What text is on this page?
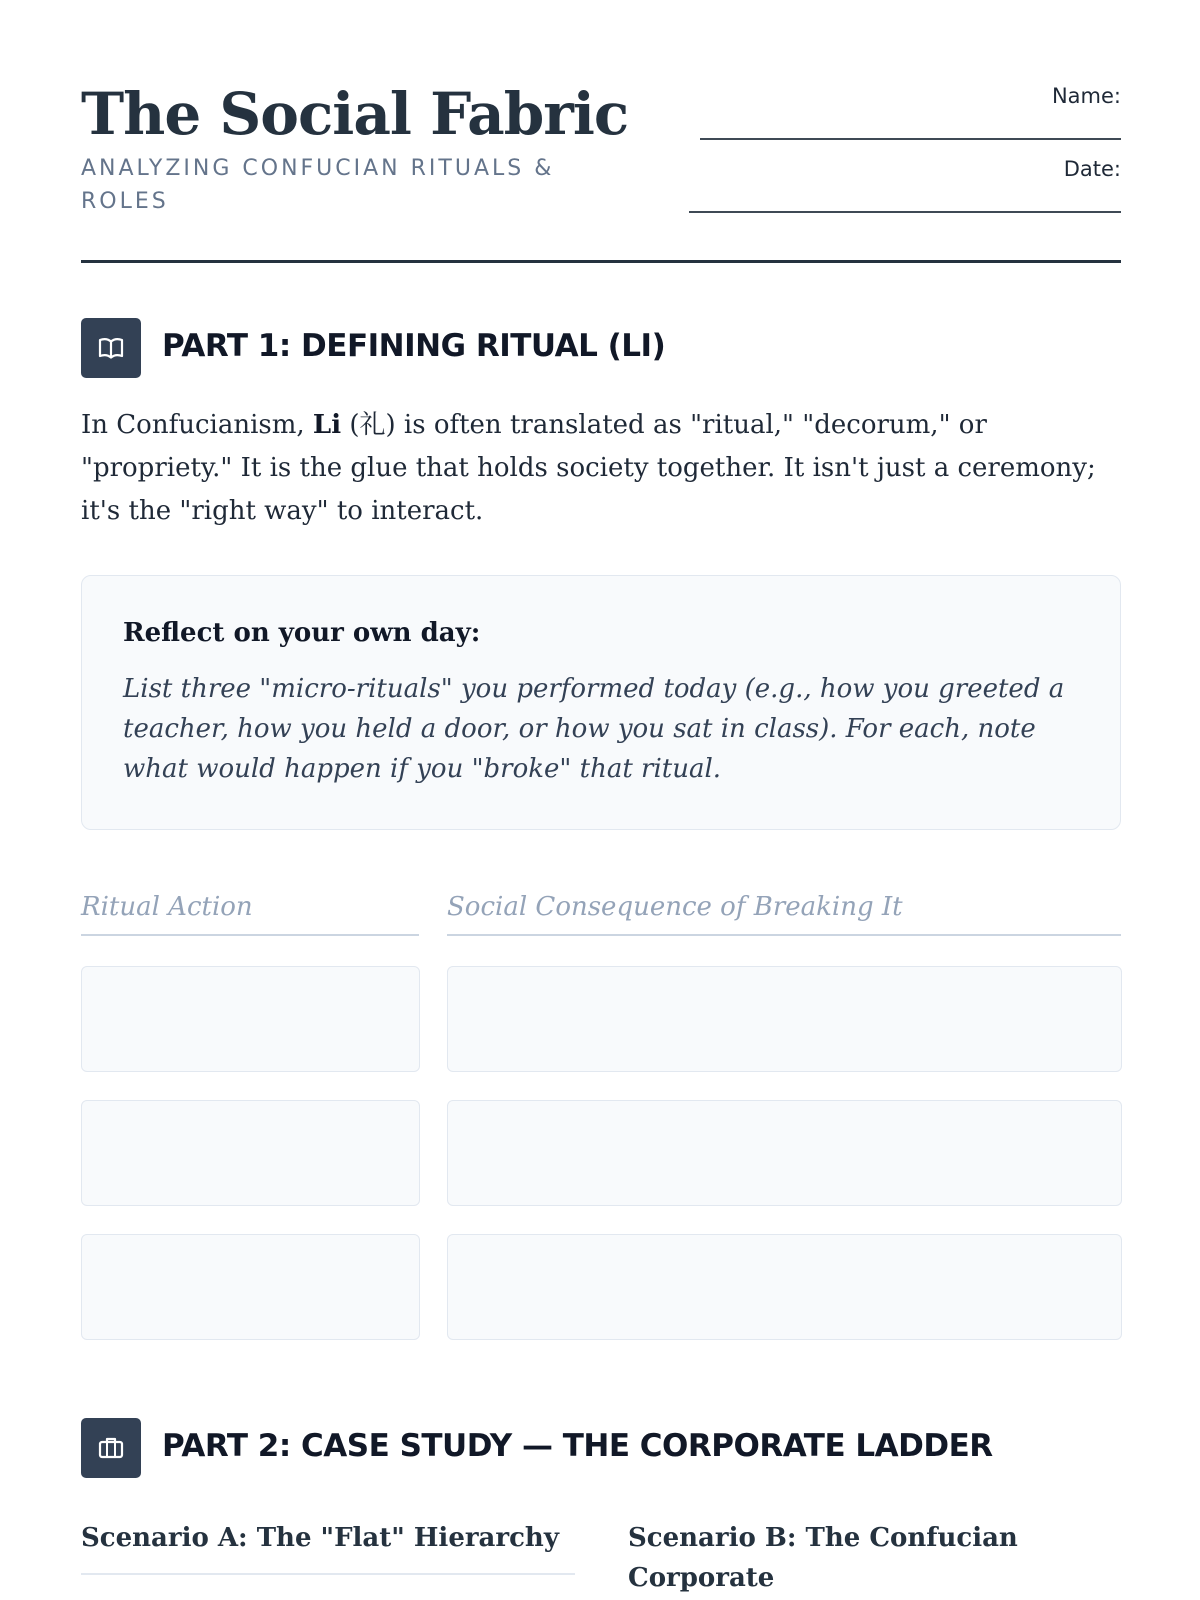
The Social Fabric
ANALYZING CONFUCIAN RITUALS & ROLES
Name:
Date:
PART 1: DEFINING RITUAL (LI)
In Confucianism, Li (礼) is often translated as "ritual," "decorum," or "propriety." It is the glue that holds society together. It isn't just a ceremony; it's the "right way" to interact.
Reflect on your own day:
List three "micro-rituals" you performed today (e.g., how you greeted a teacher, how you held a door, or how you sat in class). For each, note what would happen if you "broke" that ritual.
Ritual Action	Social Consequence of Breaking It
PART 2: CASE STUDY — THE CORPORATE LADDER
Scenario A: The "Flat" Hierarchy	Scenario B: The Confucian Corporate
